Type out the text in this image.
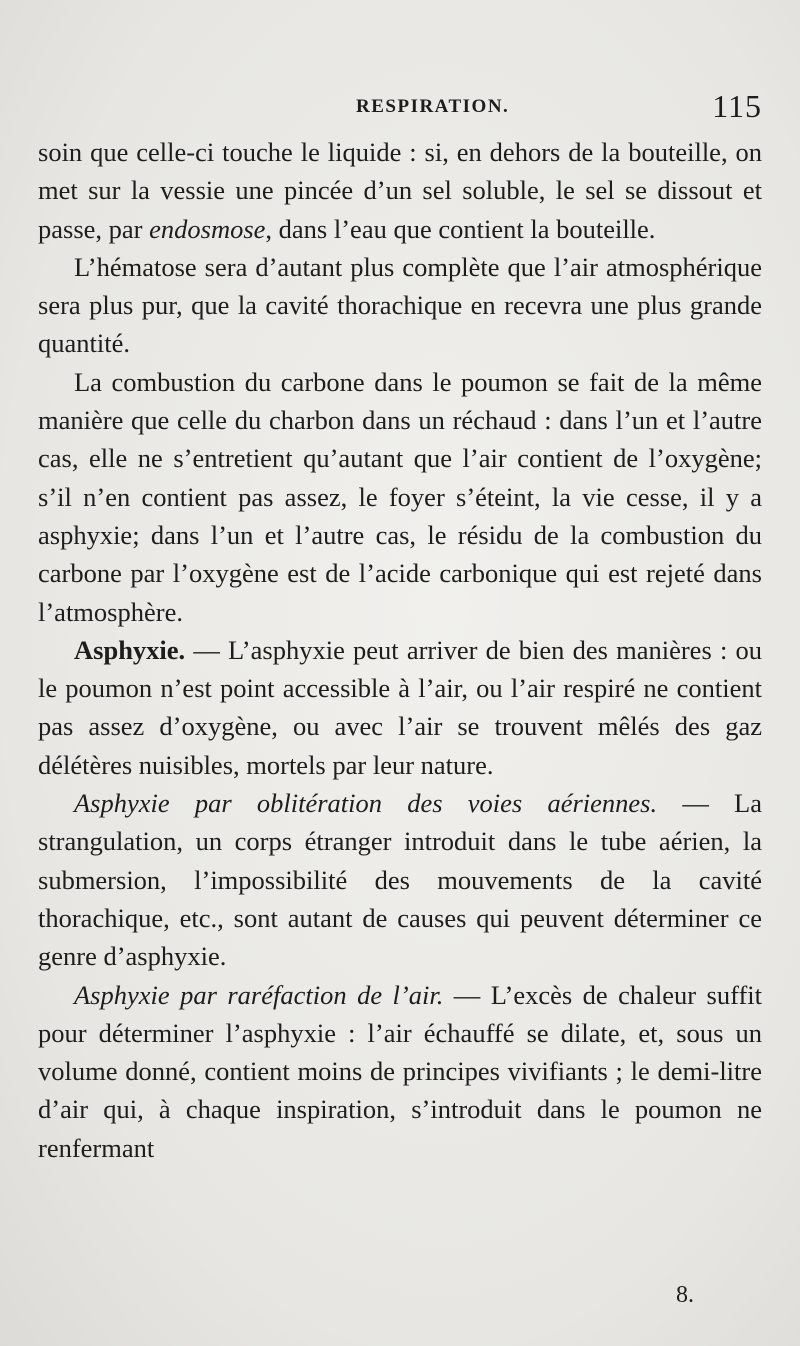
RESPIRATION.	115

soin que celle-ci touche le liquide : si, en dehors de la bouteille, on met sur la vessie une pincée d’un sel soluble, le sel se dissout et passe, par endosmose, dans l’eau que contient la bouteille.

L’hématose sera d’autant plus complète que l’air atmosphérique sera plus pur, que la cavité thorachique en recevra une plus grande quantité.

La combustion du carbone dans le poumon se fait de la même manière que celle du charbon dans un réchaud : dans l’un et l’autre cas, elle ne s’entretient qu’autant que l’air contient de l’oxygène; s’il n’en contient pas assez, le foyer s’éteint, la vie cesse, il y a asphyxie; dans l’un et l’autre cas, le résidu de la combustion du carbone par l’oxygène est de l’acide carbonique qui est rejeté dans l’atmosphère.

Asphyxie. — L’asphyxie peut arriver de bien des manières : ou le poumon n’est point accessible à l’air, ou l’air respiré ne contient pas assez d’oxygène, ou avec l’air se trouvent mêlés des gaz délétères nuisibles, mortels par leur nature.

Asphyxie par oblitération des voies aériennes. — La strangulation, un corps étranger introduit dans le tube aérien, la submersion, l’impossibilité des mouvements de la cavité thorachique, etc., sont autant de causes qui peuvent déterminer ce genre d’asphyxie.

Asphyxie par raréfaction de l’air. — L’excès de chaleur suffit pour déterminer l’asphyxie : l’air échauffé se dilate, et, sous un volume donné, contient moins de principes vivifiants ; le demi-litre d’air qui, à chaque inspiration, s’introduit dans le poumon ne renfermant

8.
